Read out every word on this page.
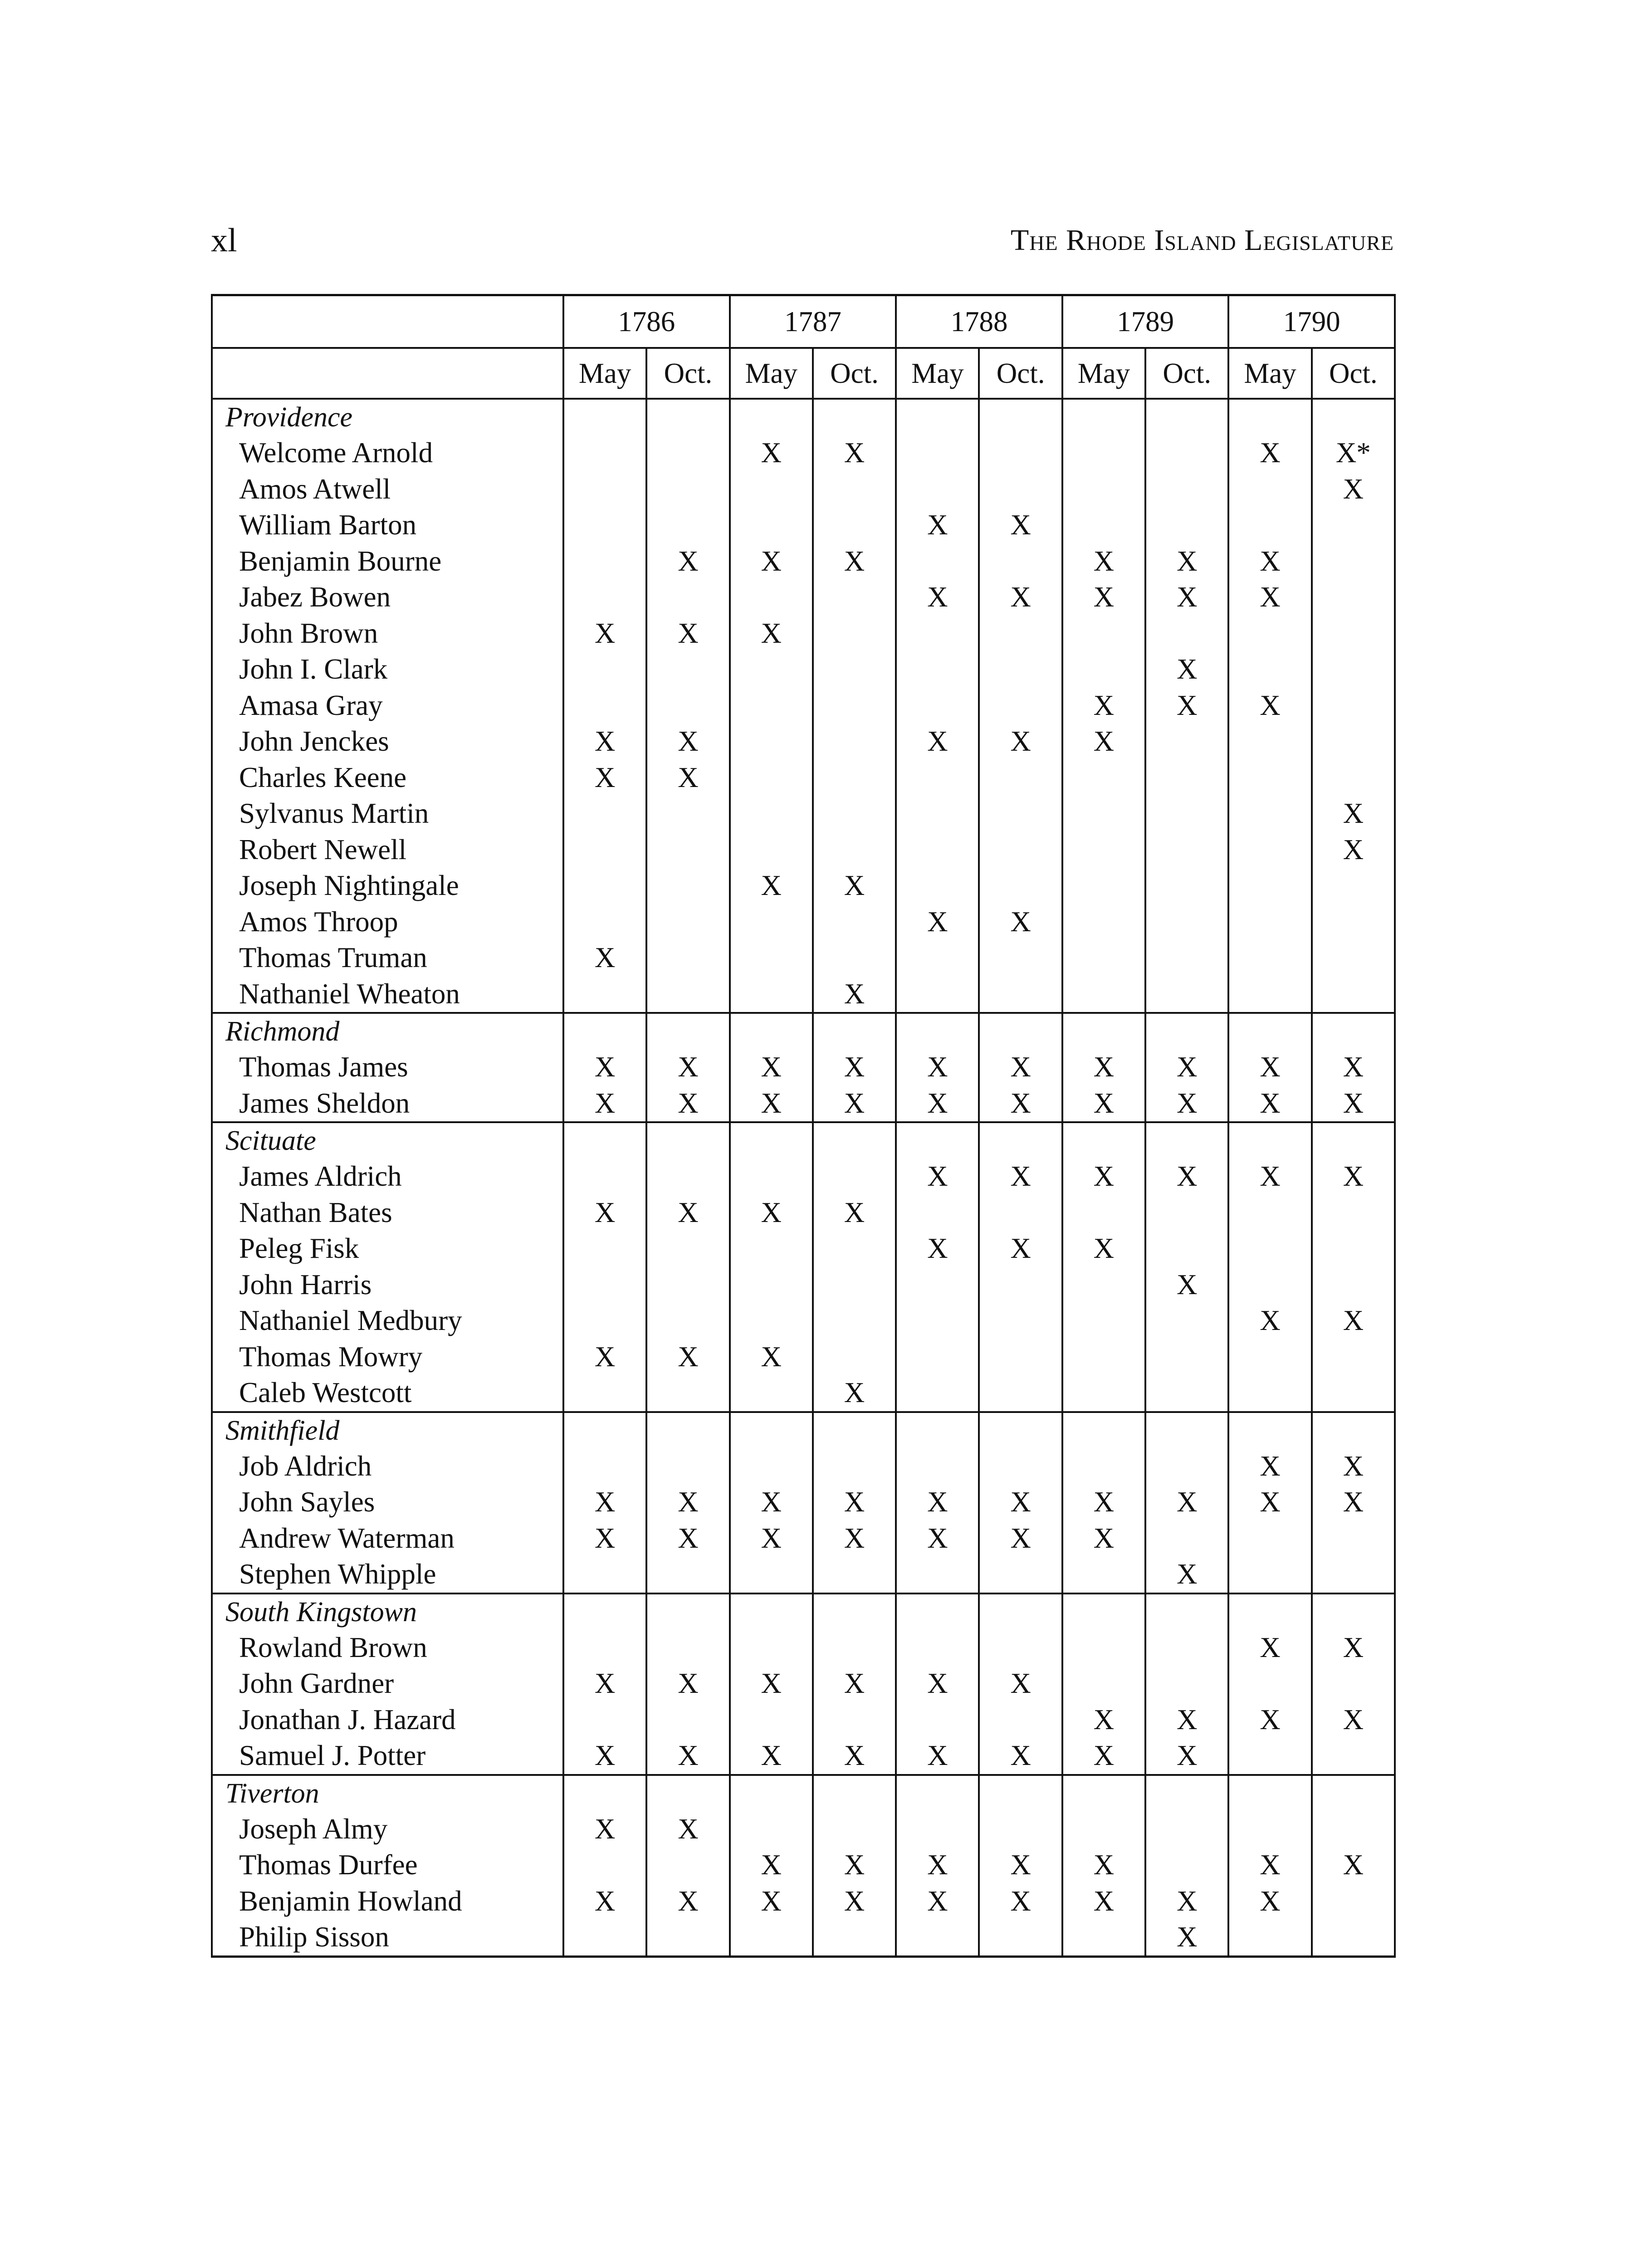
xl	The Rhode Island Legislature
	1786		1787		1788		1789		1790	
	May	Oct.	May	Oct.	May	Oct.	May	Oct.	May	Oct.
Providence										
Welcome Arnold			X	X					X	X*
Amos Atwell										X
William Barton					X	X				
Benjamin Bourne		X	X	X			X	X	X	
Jabez Bowen					X	X	X	X	X	
John Brown	X	X	X							
John I. Clark								X		
Amasa Gray							X	X	X	
John Jenckes	X	X			X	X	X			
Charles Keene	X	X								
Sylvanus Martin										X
Robert Newell										X
Joseph Nightingale			X	X						
Amos Throop					X	X				
Thomas Truman	X									
Nathaniel Wheaton				X						
Richmond										
Thomas James	X	X	X	X	X	X	X	X	X	X
James Sheldon	X	X	X	X	X	X	X	X	X	X
Scituate										
James Aldrich					X	X	X	X	X	X
Nathan Bates	X	X	X	X						
Peleg Fisk					X	X	X			
John Harris								X		
Nathaniel Medbury									X	X
Thomas Mowry	X	X	X							
Caleb Westcott				X						
Smithfield										
Job Aldrich									X	X
John Sayles	X	X	X	X	X	X	X	X	X	X
Andrew Waterman	X	X	X	X	X	X	X			
Stephen Whipple								X		
South Kingstown										
Rowland Brown									X	X
John Gardner	X	X	X	X	X	X				
Jonathan J. Hazard							X	X	X	X
Samuel J. Potter	X	X	X	X	X	X	X	X		
Tiverton										
Joseph Almy	X	X								
Thomas Durfee			X	X	X	X	X		X	X
Benjamin Howland	X	X	X	X	X	X	X	X	X	
Philip Sisson								X		
